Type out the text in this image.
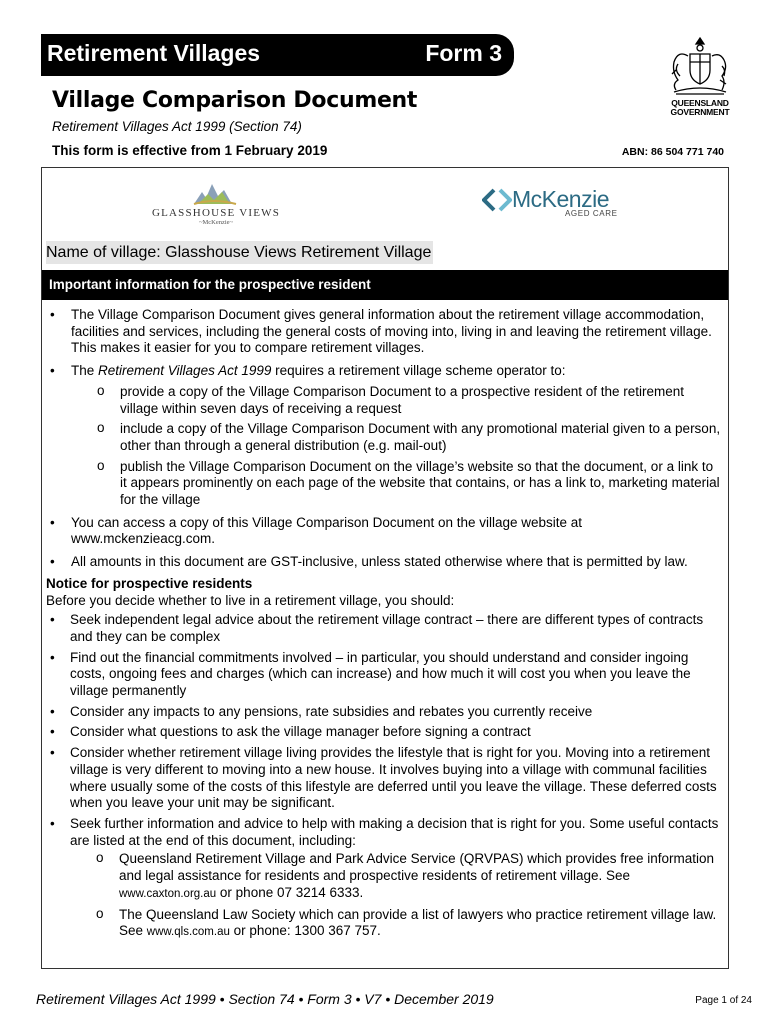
Retirement Villages	Form 3
QUEENSLAND
GOVERNMENT
Village Comparison Document
Retirement Villages Act 1999 (Section 74)
This form is effective from 1 February 2019	ABN: 86 504 771 740
GLASSHOUSE VIEWS
~McKenzie~
McKenzie
AGED CARE
Name of village: Glasshouse Views Retirement Village
Important information for the prospective resident
• The Village Comparison Document gives general information about the retirement village accommodation, facilities and services, including the general costs of moving into, living in and leaving the retirement village. This makes it easier for you to compare retirement villages.
• The Retirement Villages Act 1999 requires a retirement village scheme operator to:
o provide a copy of the Village Comparison Document to a prospective resident of the retirement village within seven days of receiving a request
o include a copy of the Village Comparison Document with any promotional material given to a person, other than through a general distribution (e.g. mail-out)
o publish the Village Comparison Document on the village’s website so that the document, or a link to it appears prominently on each page of the website that contains, or has a link to, marketing material for the village
• You can access a copy of this Village Comparison Document on the village website at www.mckenzieacg.com.
• All amounts in this document are GST-inclusive, unless stated otherwise where that is permitted by law.
Notice for prospective residents
Before you decide whether to live in a retirement village, you should:
• Seek independent legal advice about the retirement village contract – there are different types of contracts and they can be complex
• Find out the financial commitments involved – in particular, you should understand and consider ingoing costs, ongoing fees and charges (which can increase) and how much it will cost you when you leave the village permanently
• Consider any impacts to any pensions, rate subsidies and rebates you currently receive
• Consider what questions to ask the village manager before signing a contract
• Consider whether retirement village living provides the lifestyle that is right for you. Moving into a retirement village is very different to moving into a new house. It involves buying into a village with communal facilities where usually some of the costs of this lifestyle are deferred until you leave the village. These deferred costs when you leave your unit may be significant.
• Seek further information and advice to help with making a decision that is right for you. Some useful contacts are listed at the end of this document, including:
o Queensland Retirement Village and Park Advice Service (QRVPAS) which provides free information and legal assistance for residents and prospective residents of retirement village. See www.caxton.org.au or phone 07 3214 6333.
o The Queensland Law Society which can provide a list of lawyers who practice retirement village law. See www.qls.com.au or phone: 1300 367 757.
Retirement Villages Act 1999 • Section 74 • Form 3 • V7 • December 2019	Page 1 of 24
